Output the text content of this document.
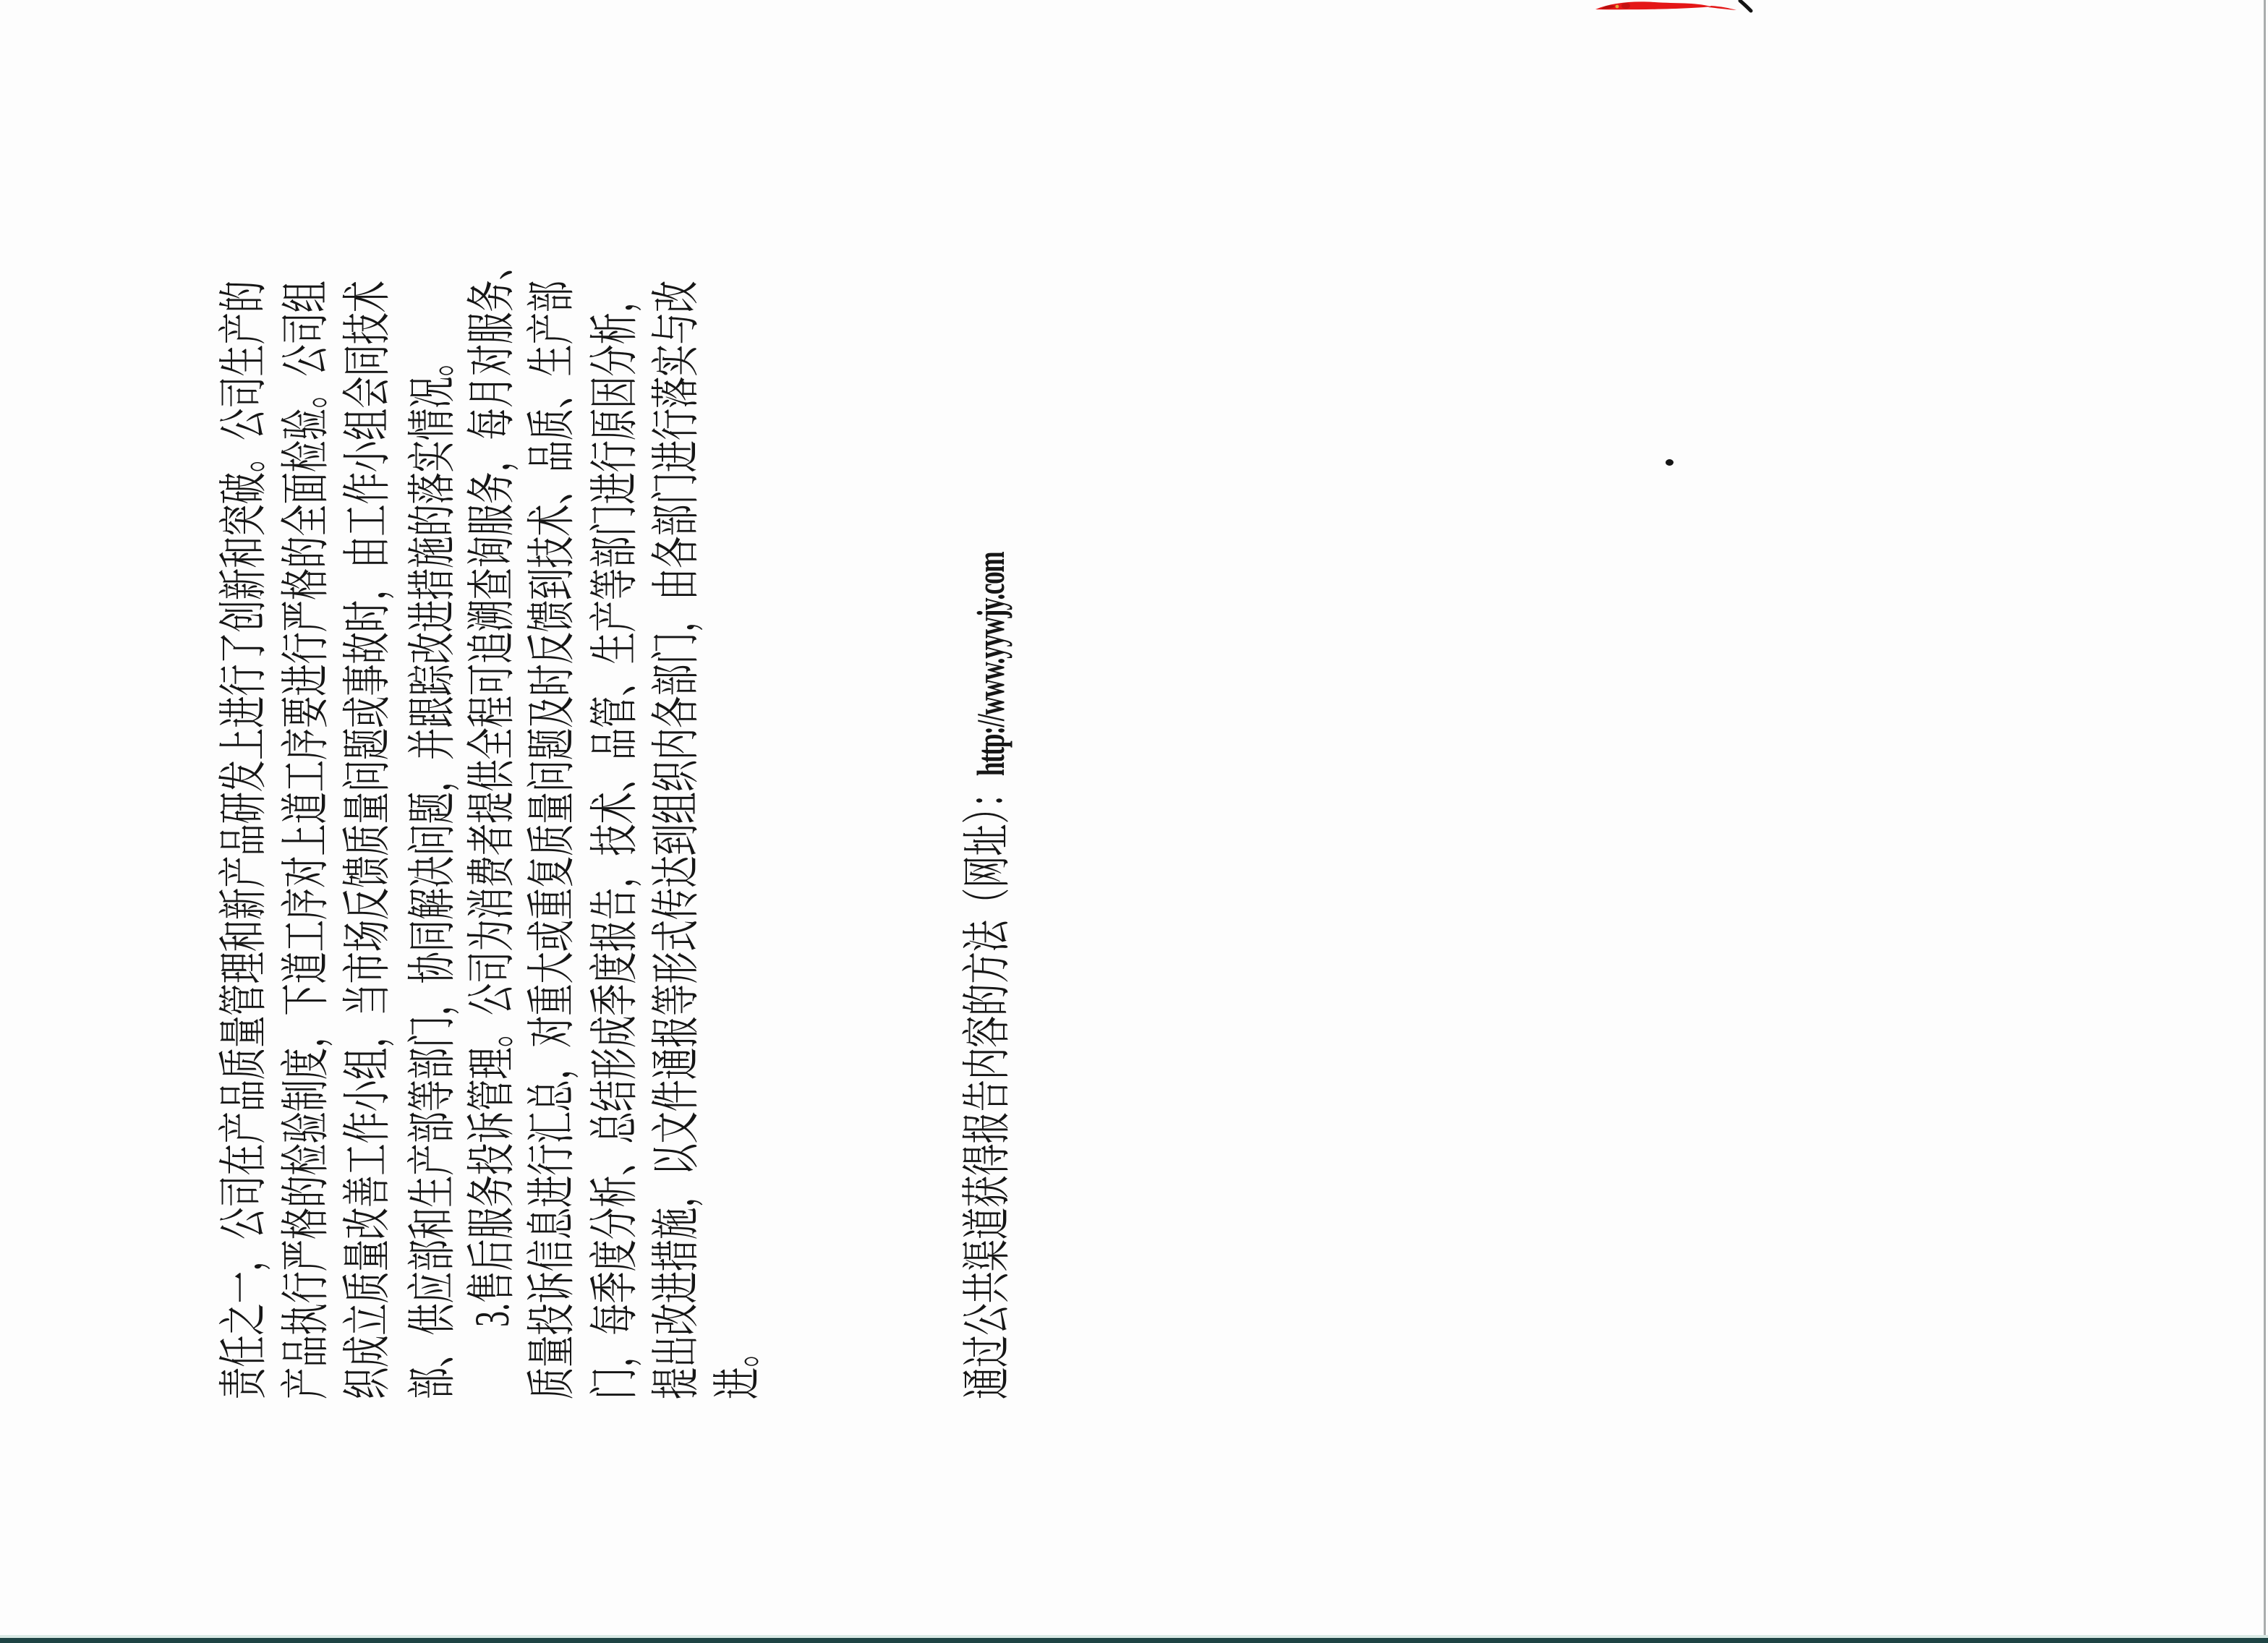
责任之一，公司在产品质量管理和新产品研发上进行了创新和突破。公司生产的 产品执行严格的检验制度，下道工序对上道工序要进行严格的全面检验。公司组 织成立质量改善工作小组，当市场反馈质量问题或事故时，由工作小组会同技术 部、供应部和生产部等部门，协同解决问题，并跟踪改进措施的落实情况。 3.售后服务投诉管理。公司为消费者提供全程可追溯查询服务，每月对服务、 质量投诉信息进行汇总，对重大或重复质量问题及时反馈到技术、品质、生产部 门，每季度分析、总结形成季度报告，技术、品管、生产等部门进行原因分析， 提出改进措施，以文件通报等形式传达到组织内各部门，由各部门进行落实与改 进。	通过公共渠道获得报告内容的方法（网址）：http://www.yywjy.com
